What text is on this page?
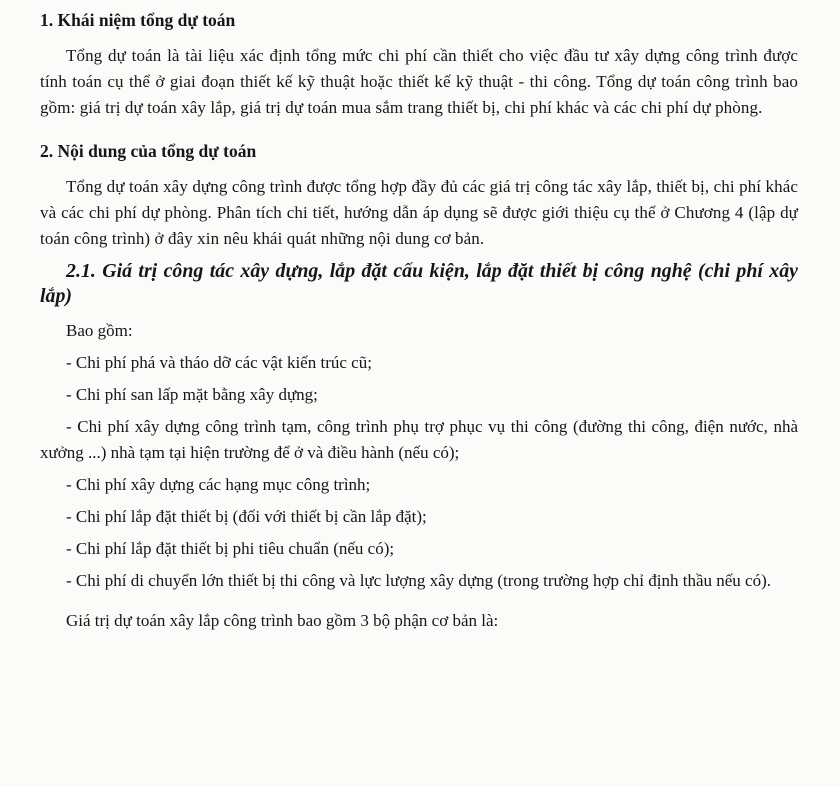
1. Khái niệm tổng dự toán

Tổng dự toán là tài liệu xác định tổng mức chi phí cần thiết cho việc đầu tư xây dựng công trình được tính toán cụ thể ở giai đoạn thiết kế kỹ thuật hoặc thiết kế kỹ thuật - thi công. Tổng dự toán công trình bao gồm: giá trị dự toán xây lắp, giá trị dự toán mua sắm trang thiết bị, chi phí khác và các chi phí dự phòng.

2. Nội dung của tổng dự toán

Tổng dự toán xây dựng công trình được tổng hợp đầy đủ các giá trị công tác xây lắp, thiết bị, chi phí khác và các chi phí dự phòng. Phân tích chi tiết, hướng dẫn áp dụng sẽ được giới thiệu cụ thể ở Chương 4 (lập dự toán công trình) ở đây xin nêu khái quát những nội dung cơ bản.

2.1. Giá trị công tác xây dựng, lắp đặt cấu kiện, lắp đặt thiết bị công nghệ (chi phí xây lắp)

Bao gồm:

- Chi phí phá và tháo dỡ các vật kiến trúc cũ;

- Chi phí san lấp mặt bằng xây dựng;

- Chi phí xây dựng công trình tạm, công trình phụ trợ phục vụ thi công (đường thi công, điện nước, nhà xưởng ...) nhà tạm tại hiện trường để ở và điều hành (nếu có);

- Chi phí xây dựng các hạng mục công trình;

- Chi phí lắp đặt thiết bị (đối với thiết bị cần lắp đặt);

- Chi phí lắp đặt thiết bị phi tiêu chuẩn (nếu có);

- Chi phí di chuyển lớn thiết bị thi công và lực lượng xây dựng (trong trường hợp chỉ định thầu nếu có).

Giá trị dự toán xây lắp công trình bao gồm 3 bộ phận cơ bản là:
